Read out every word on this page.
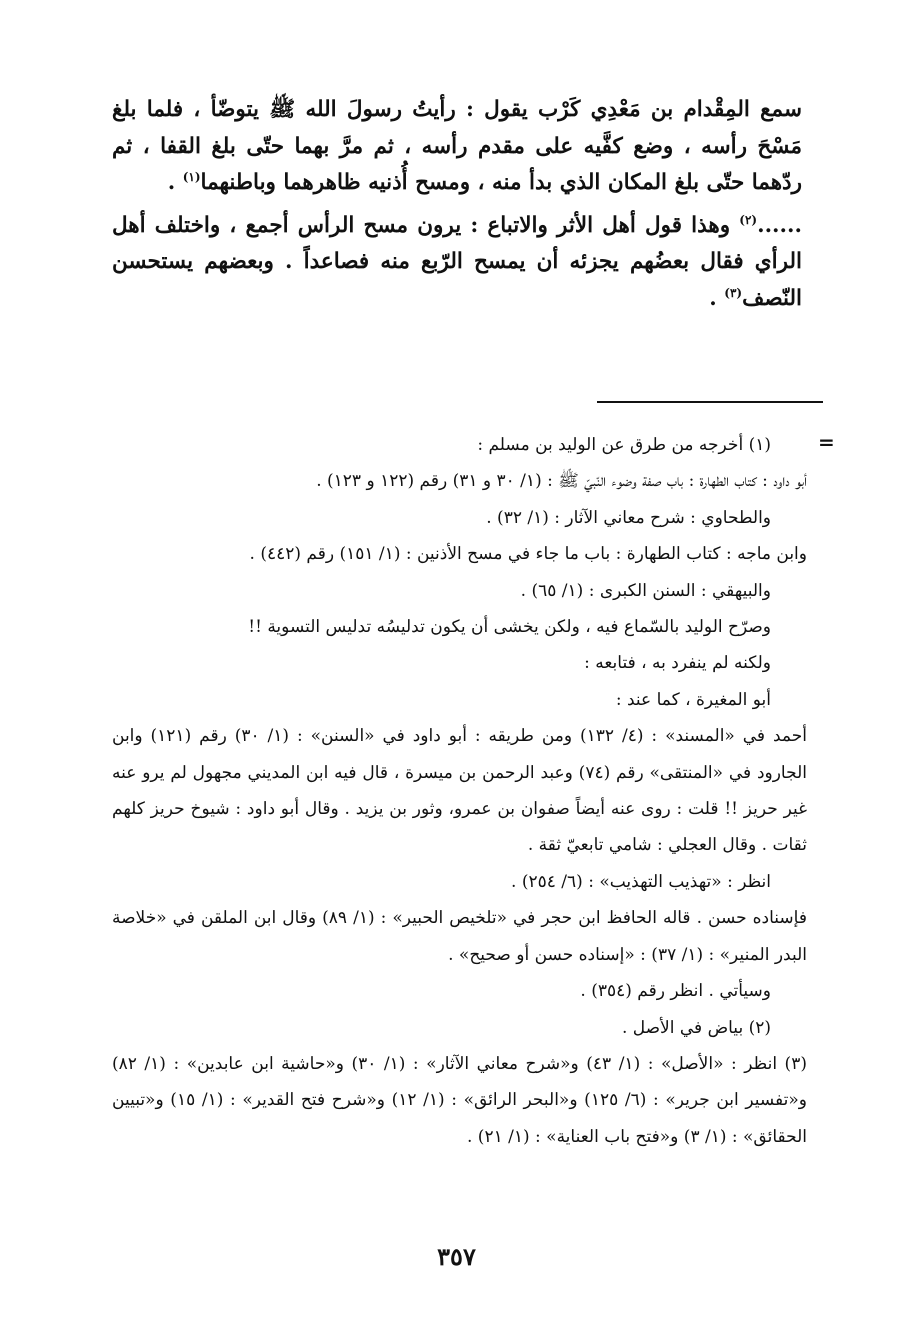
سمع المِقْدام بن مَعْدِي كَرْب يقول : رأيتُ رسولَ الله ﷺ يتوضّأ ، فلما بلغ مَسْحَ رأسه ، وضع كفَّيه على مقدم رأسه ، ثم مرَّ بهما حتّى بلغ القفا ، ثم ردّهما حتّى بلغ المكان الذي بدأ منه ، ومسح أُذنيه ظاهرهما وباطنهما$^{(١)}$ .

......$^{(٢)}$ وهذا قول أهل الأثر والاتباع : يرون مسح الرأس أجمع ، واختلف أهل الرأي فقال بعضُهم يجزئه أن يمسح الرّبع منه فصاعداً . وبعضهم يستحسن النّصف$^{(٣)}$ .

=
(١) أخرجه من طرق عن الوليد بن مسلم :
أبو داود : كتاب الطهارة : باب صفة وضوء النّبيّ ﷺ : (١/ ٣٠ و ٣١) رقم (١٢٢ و ١٢٣) .
والطحاوي : شرح معاني الآثار : (١/ ٣٢) .
وابن ماجه : كتاب الطهارة : باب ما جاء في مسح الأذنين : (١/ ١٥١) رقم (٤٤٢) .
والبيهقي : السنن الكبرى : (١/ ٦٥) .
وصرّح الوليد بالسّماع فيه ، ولكن يخشى أن يكون تدليسُه تدليس التسوية !!
ولكنه لم ينفرد به ، فتابعه :
أبو المغيرة ، كما عند :
أحمد في «المسند» : (٤/ ١٣٢) ومن طريقه : أبو داود في «السنن» : (١/ ٣٠) رقم (١٢١) وابن الجارود في «المنتقى» رقم (٧٤) وعبد الرحمن بن ميسرة ، قال فيه ابن المديني مجهول لم يرو عنه غير حريز !! قلت : روى عنه أيضاً صفوان بن عمرو، وثور بن يزيد . وقال أبو داود : شيوخ حريز كلهم ثقات . وقال العجلي : شامي تابعيّ ثقة .
انظر : «تهذيب التهذيب» : (٦/ ٢٥٤) .
فإسناده حسن . قاله الحافظ ابن حجر في «تلخيص الحبير» : (١/ ٨٩) وقال ابن الملقن في «خلاصة البدر المنير» : (١/ ٣٧) : «إسناده حسن أو صحيح» .
وسيأتي . انظر رقم (٣٥٤) .
(٢) بياض في الأصل .
(٣) انظر : «الأصل» : (١/ ٤٣) و«شرح معاني الآثار» : (١/ ٣٠) و«حاشية ابن عابدين» : (١/ ٨٢) و«تفسير ابن جرير» : (٦/ ١٢٥) و«البحر الرائق» : (١/ ١٢) و«شرح فتح القدير» : (١/ ١٥) و«تبيين الحقائق» : (١/ ٣) و«فتح باب العناية» : (١/ ٢١) .
٣٥٧
